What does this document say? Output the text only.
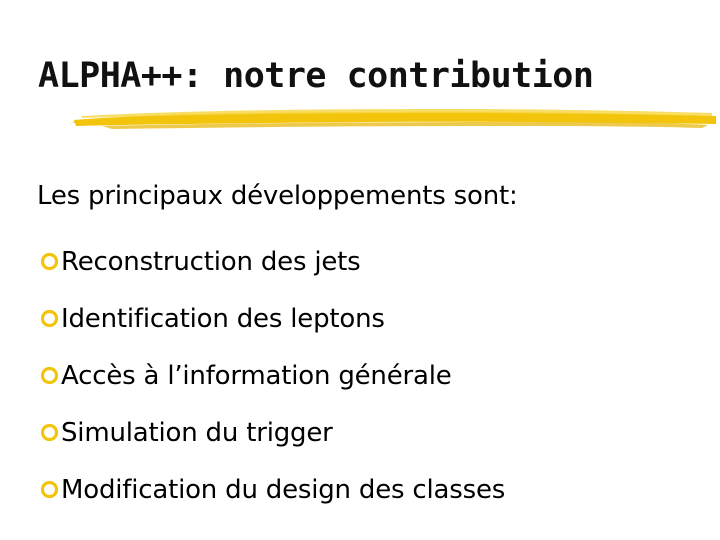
ALPHA++: notre contribution
Les principaux développements sont:
Reconstruction des jets
Identification des leptons
Accès à l’information générale
Simulation du trigger
Modification du design des classes
